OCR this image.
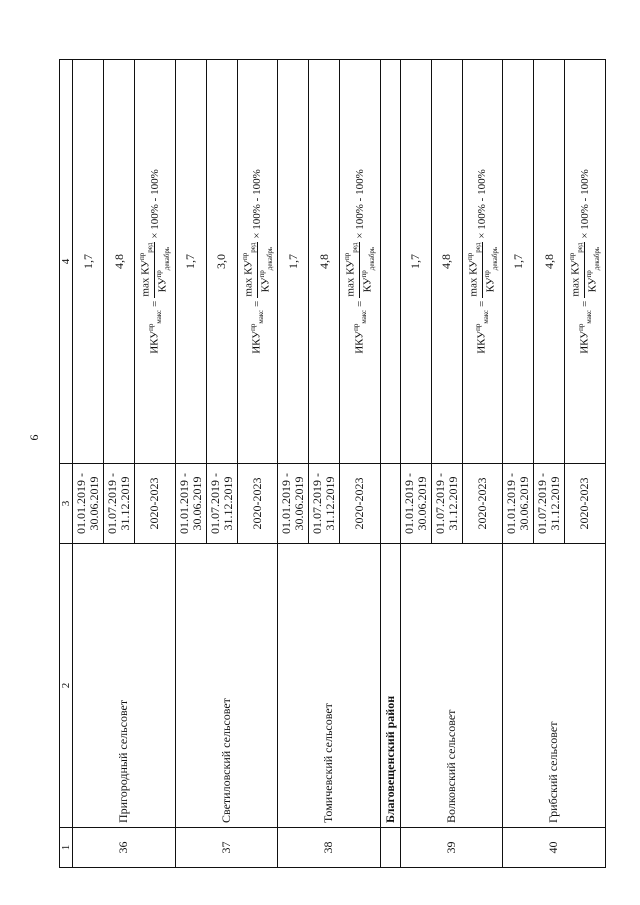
9
1	2	3	4
36	Пригородный сельсовет	01.01.2019 - 30.06.2019	1,7
		01.07.2019 - 31.12.2019	4,8
		2020-2023	$ИКУ^{пр}_{макс}$
=
$\max КУ^{пр}_{ред}$
$КУ^{пр}_{декабрь}$
× 100% - 100%

37	Светиловский сельсовет	01.01.2019 - 30.06.2019	1,7
		01.07.2019 - 31.12.2019	3,0
		2020-2023	$ИКУ^{пр}_{макс}$
=
$\max КУ^{пр}_{ред}$
$КУ^{пр}_{декабрь}$
× 100% - 100%

38	Томичевский сельсовет	01.01.2019 - 30.06.2019	1,7
		01.07.2019 - 31.12.2019	4,8
		2020-2023	$ИКУ^{пр}_{макс}$
=
$\max КУ^{пр}_{ред}$
$КУ^{пр}_{декабрь}$
× 100% - 100%

	Благовещенский район		
39	Волковский сельсовет	01.01.2019 - 30.06.2019	1,7
		01.07.2019 - 31.12.2019	4,8
		2020-2023	$ИКУ^{пр}_{макс}$
=
$\max КУ^{пр}_{ред}$
$КУ^{пр}_{декабрь}$
× 100% - 100%

40	Грибский сельсовет	01.01.2019 - 30.06.2019	1,7
		01.07.2019 - 31.12.2019	4,8
		2020-2023	$ИКУ^{пр}_{макс}$
=
$\max КУ^{пр}_{ред}$
$КУ^{пр}_{декабрь}$
× 100% - 100%
